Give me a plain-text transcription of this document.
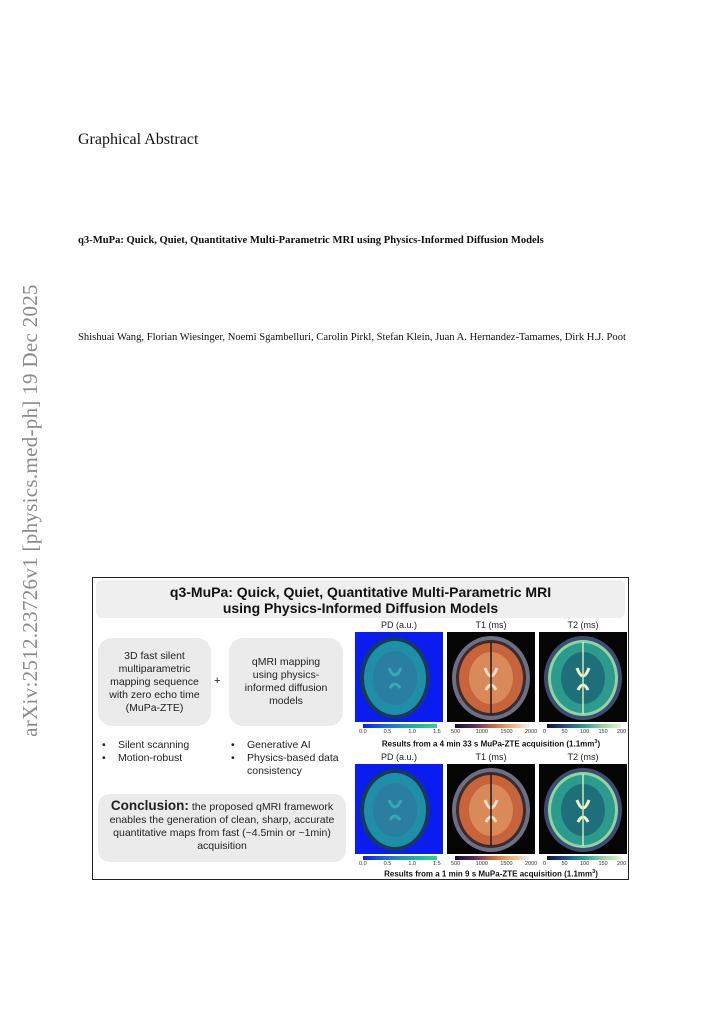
arXiv:2512.23726v1 [physics.med-ph] 19 Dec 2025
Graphical Abstract
q3-MuPa: Quick, Quiet, Quantitative Multi-Parametric MRI using Physics-Informed Diffusion Models
Shishuai Wang, Florian Wiesinger, Noemi Sgambelluri, Carolin Pirkl, Stefan Klein, Juan A. Hernandez-Tamames, Dirk H.J. Poot
q3-MuPa: Quick, Quiet, Quantitative Multi-Parametric MRI
using Physics-Informed Diffusion Models
3D fast silent multiparametric mapping sequence with zero echo time (MuPa-ZTE)
+
qMRI mapping using physics-informed diffusion models
• Silent scanning
• Motion-robust
• Generative AI
• Physics-based data consistency
Conclusion: the proposed qMRI framework enables the generation of clean, sharp, accurate quantitative maps from fast (~4.5min or ~1min) acquisition
PD (a.u.)	T1 (ms)	T2 (ms)
0.0	0.5	1.0	1.5 500	1000 1500 2000 0	50 100 150 200
Results from a 4 min 33 s MuPa-ZTE acquisition $(1.1mm^3)$
PD (a.u.)	T1 (ms)	T2 (ms)
0.0	0.5	1.0	1.5 500	1000 1500 2000 0	50 100 150 200
Results from a 1 min 9 s MuPa-ZTE acquisition $(1.1mm^3)$
